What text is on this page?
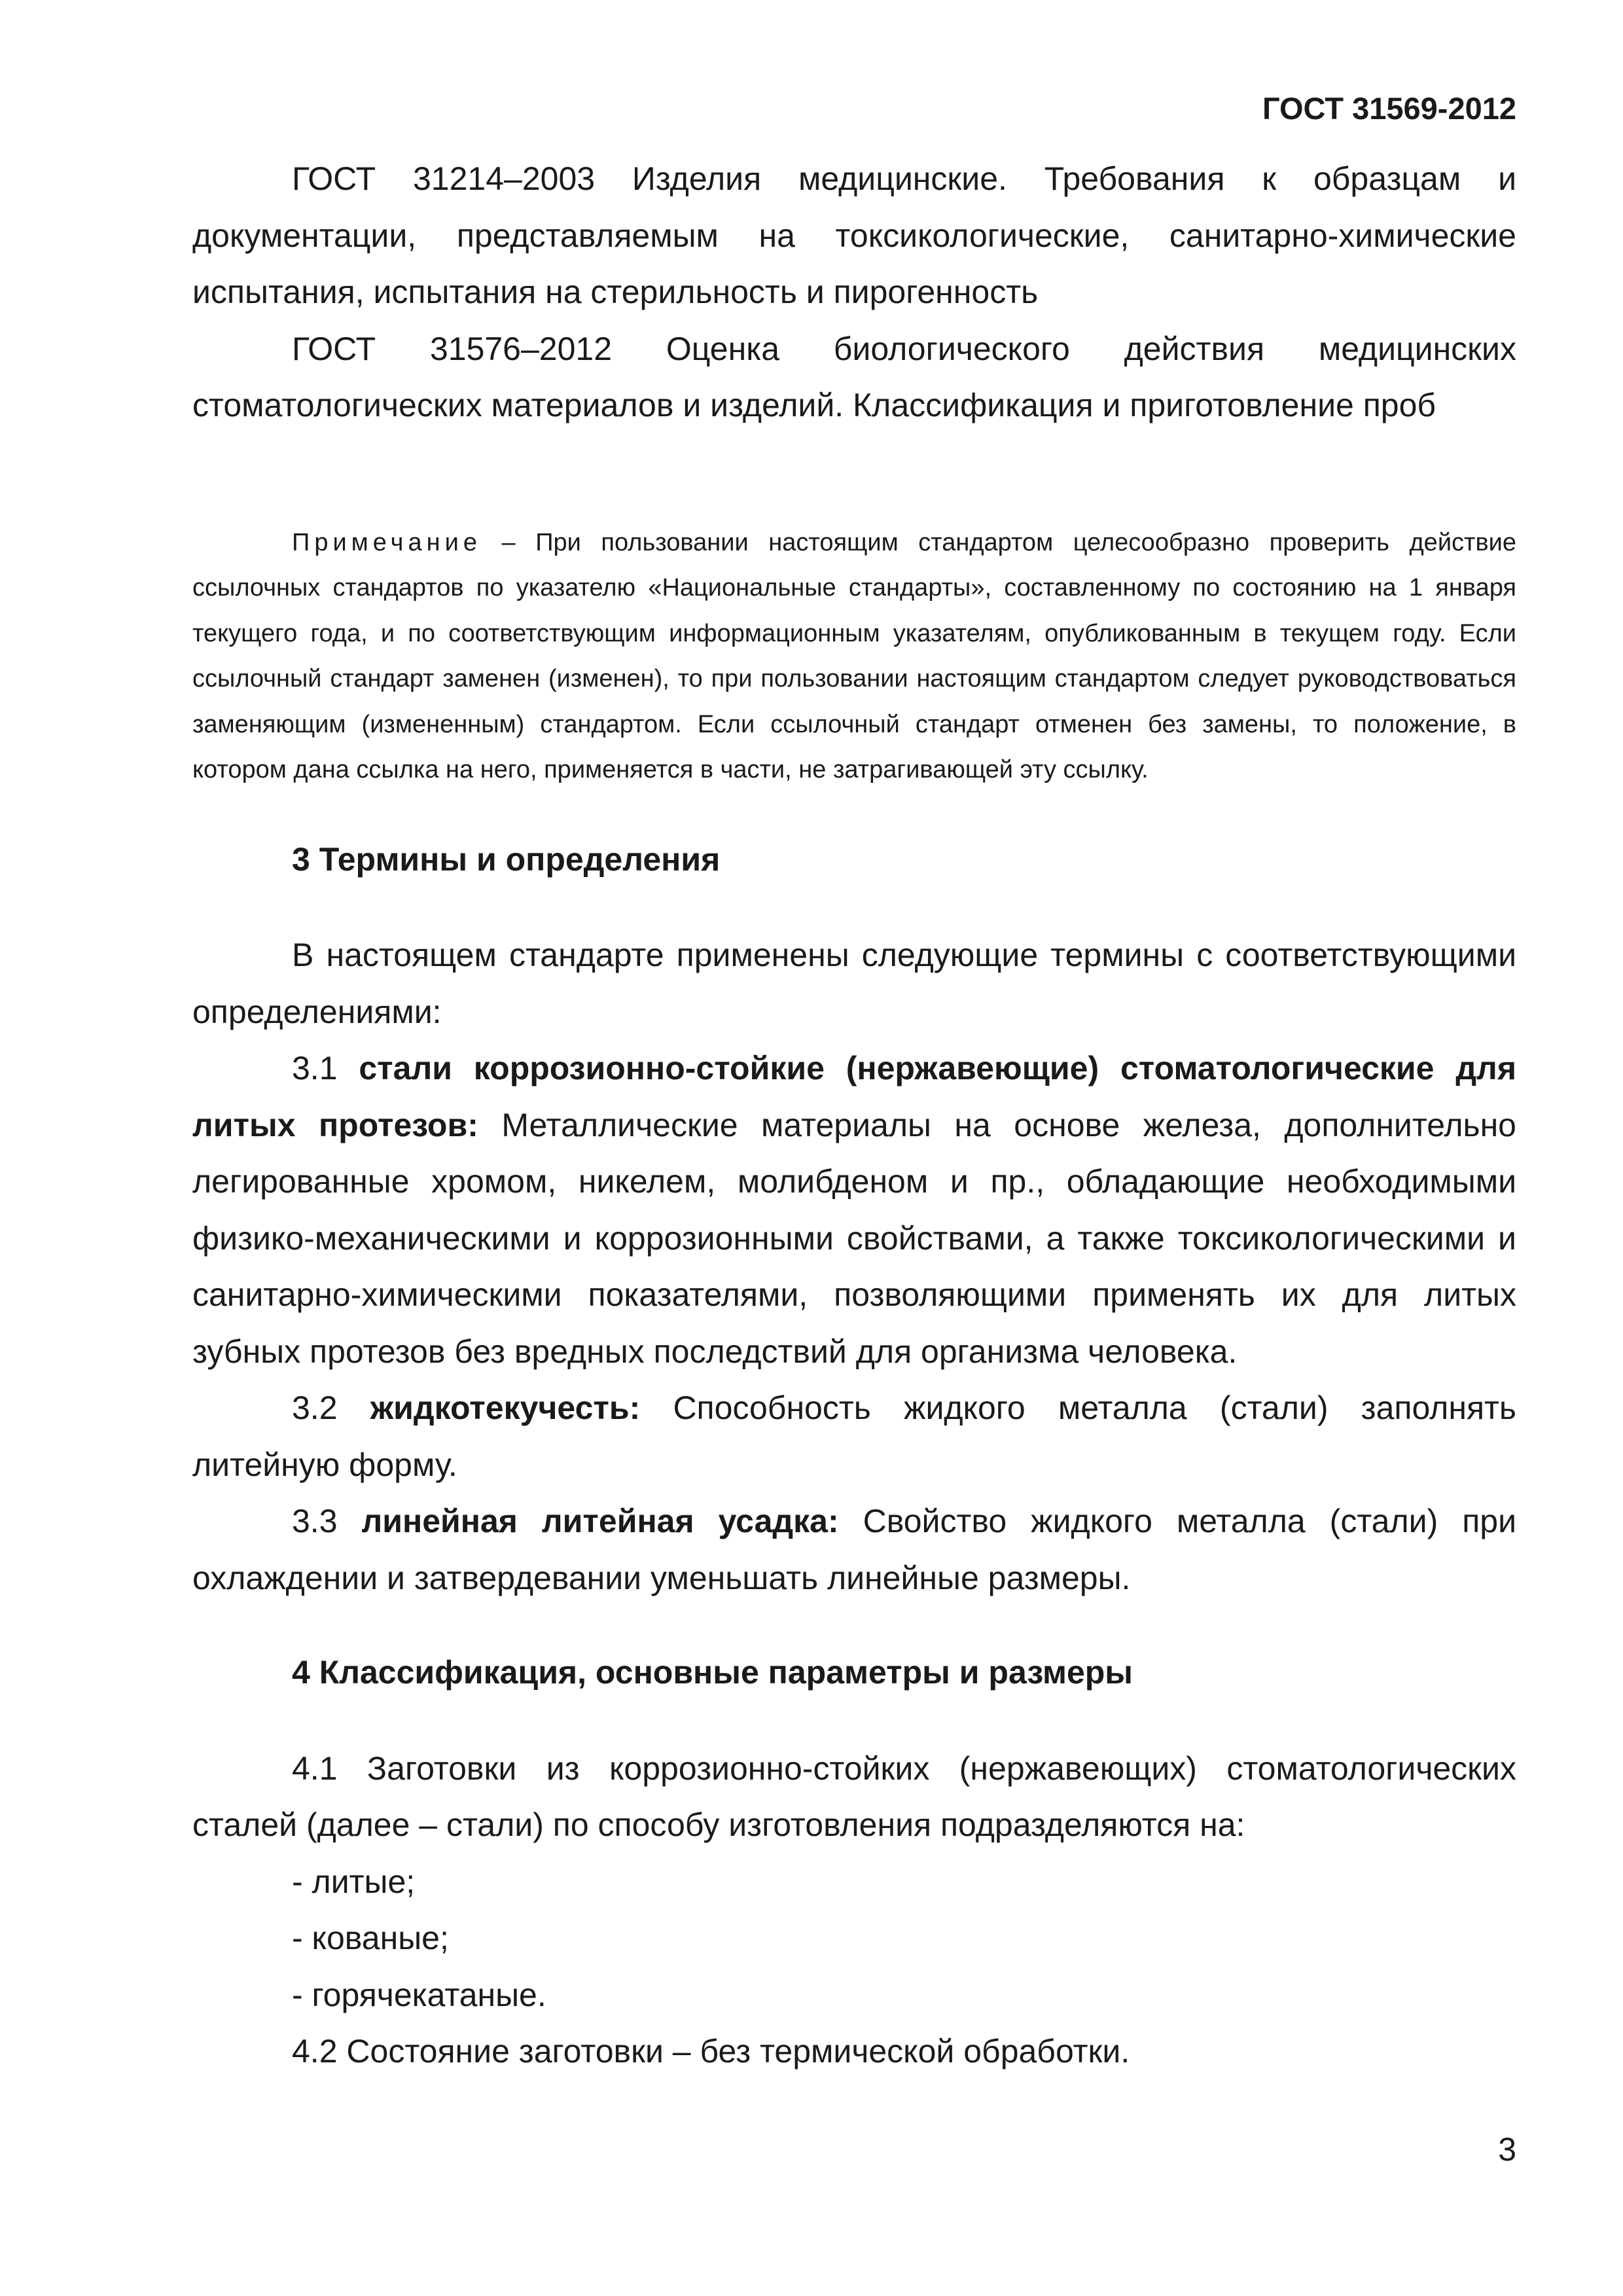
ГОСТ 31569-2012

ГОСТ 31214–2003 Изделия медицинские. Требования к образцам и документации, представляемым на токсикологические, санитарно-химические испытания, испытания на стерильность и пирогенность

ГОСТ 31576–2012 Оценка биологического действия медицинских стоматологических материалов и изделий. Классификация и приготовление проб

Примечание – При пользовании настоящим стандартом целесообразно проверить действие ссылочных стандартов по указателю «Национальные стандарты», составленному по состоянию на 1 января текущего года, и по соответствующим информационным указателям, опубликованным в текущем году. Если ссылочный стандарт заменен (изменен), то при пользовании настоящим стандартом следует руководствоваться заменяющим (измененным) стандартом. Если ссылочный стандарт отменен без замены, то положение, в котором дана ссылка на него, применяется в части, не затрагивающей эту ссылку.

3 Термины и определения

В настоящем стандарте применены следующие термины с соответствующими определениями:

3.1 стали коррозионно-стойкие (нержавеющие) стоматологические для литых протезов: Металлические материалы на основе железа, дополнительно легированные хромом, никелем, молибденом и пр., обладающие необходимыми физико-механическими и коррозионными свойствами, а также токсикологическими и санитарно-химическими показателями, позволяющими применять их для литых зубных протезов без вредных последствий для организма человека.

3.2 жидкотекучесть: Способность жидкого металла (стали) заполнять литейную форму.

3.3 линейная литейная усадка: Свойство жидкого металла (стали) при охлаждении и затвердевании уменьшать линейные размеры.

4 Классификация, основные параметры и размеры

4.1 Заготовки из коррозионно-стойких (нержавеющих) стоматологических сталей (далее – стали) по способу изготовления подразделяются на:

- литые;

- кованые;

- горячекатаные.

4.2 Состояние заготовки – без термической обработки.

3
